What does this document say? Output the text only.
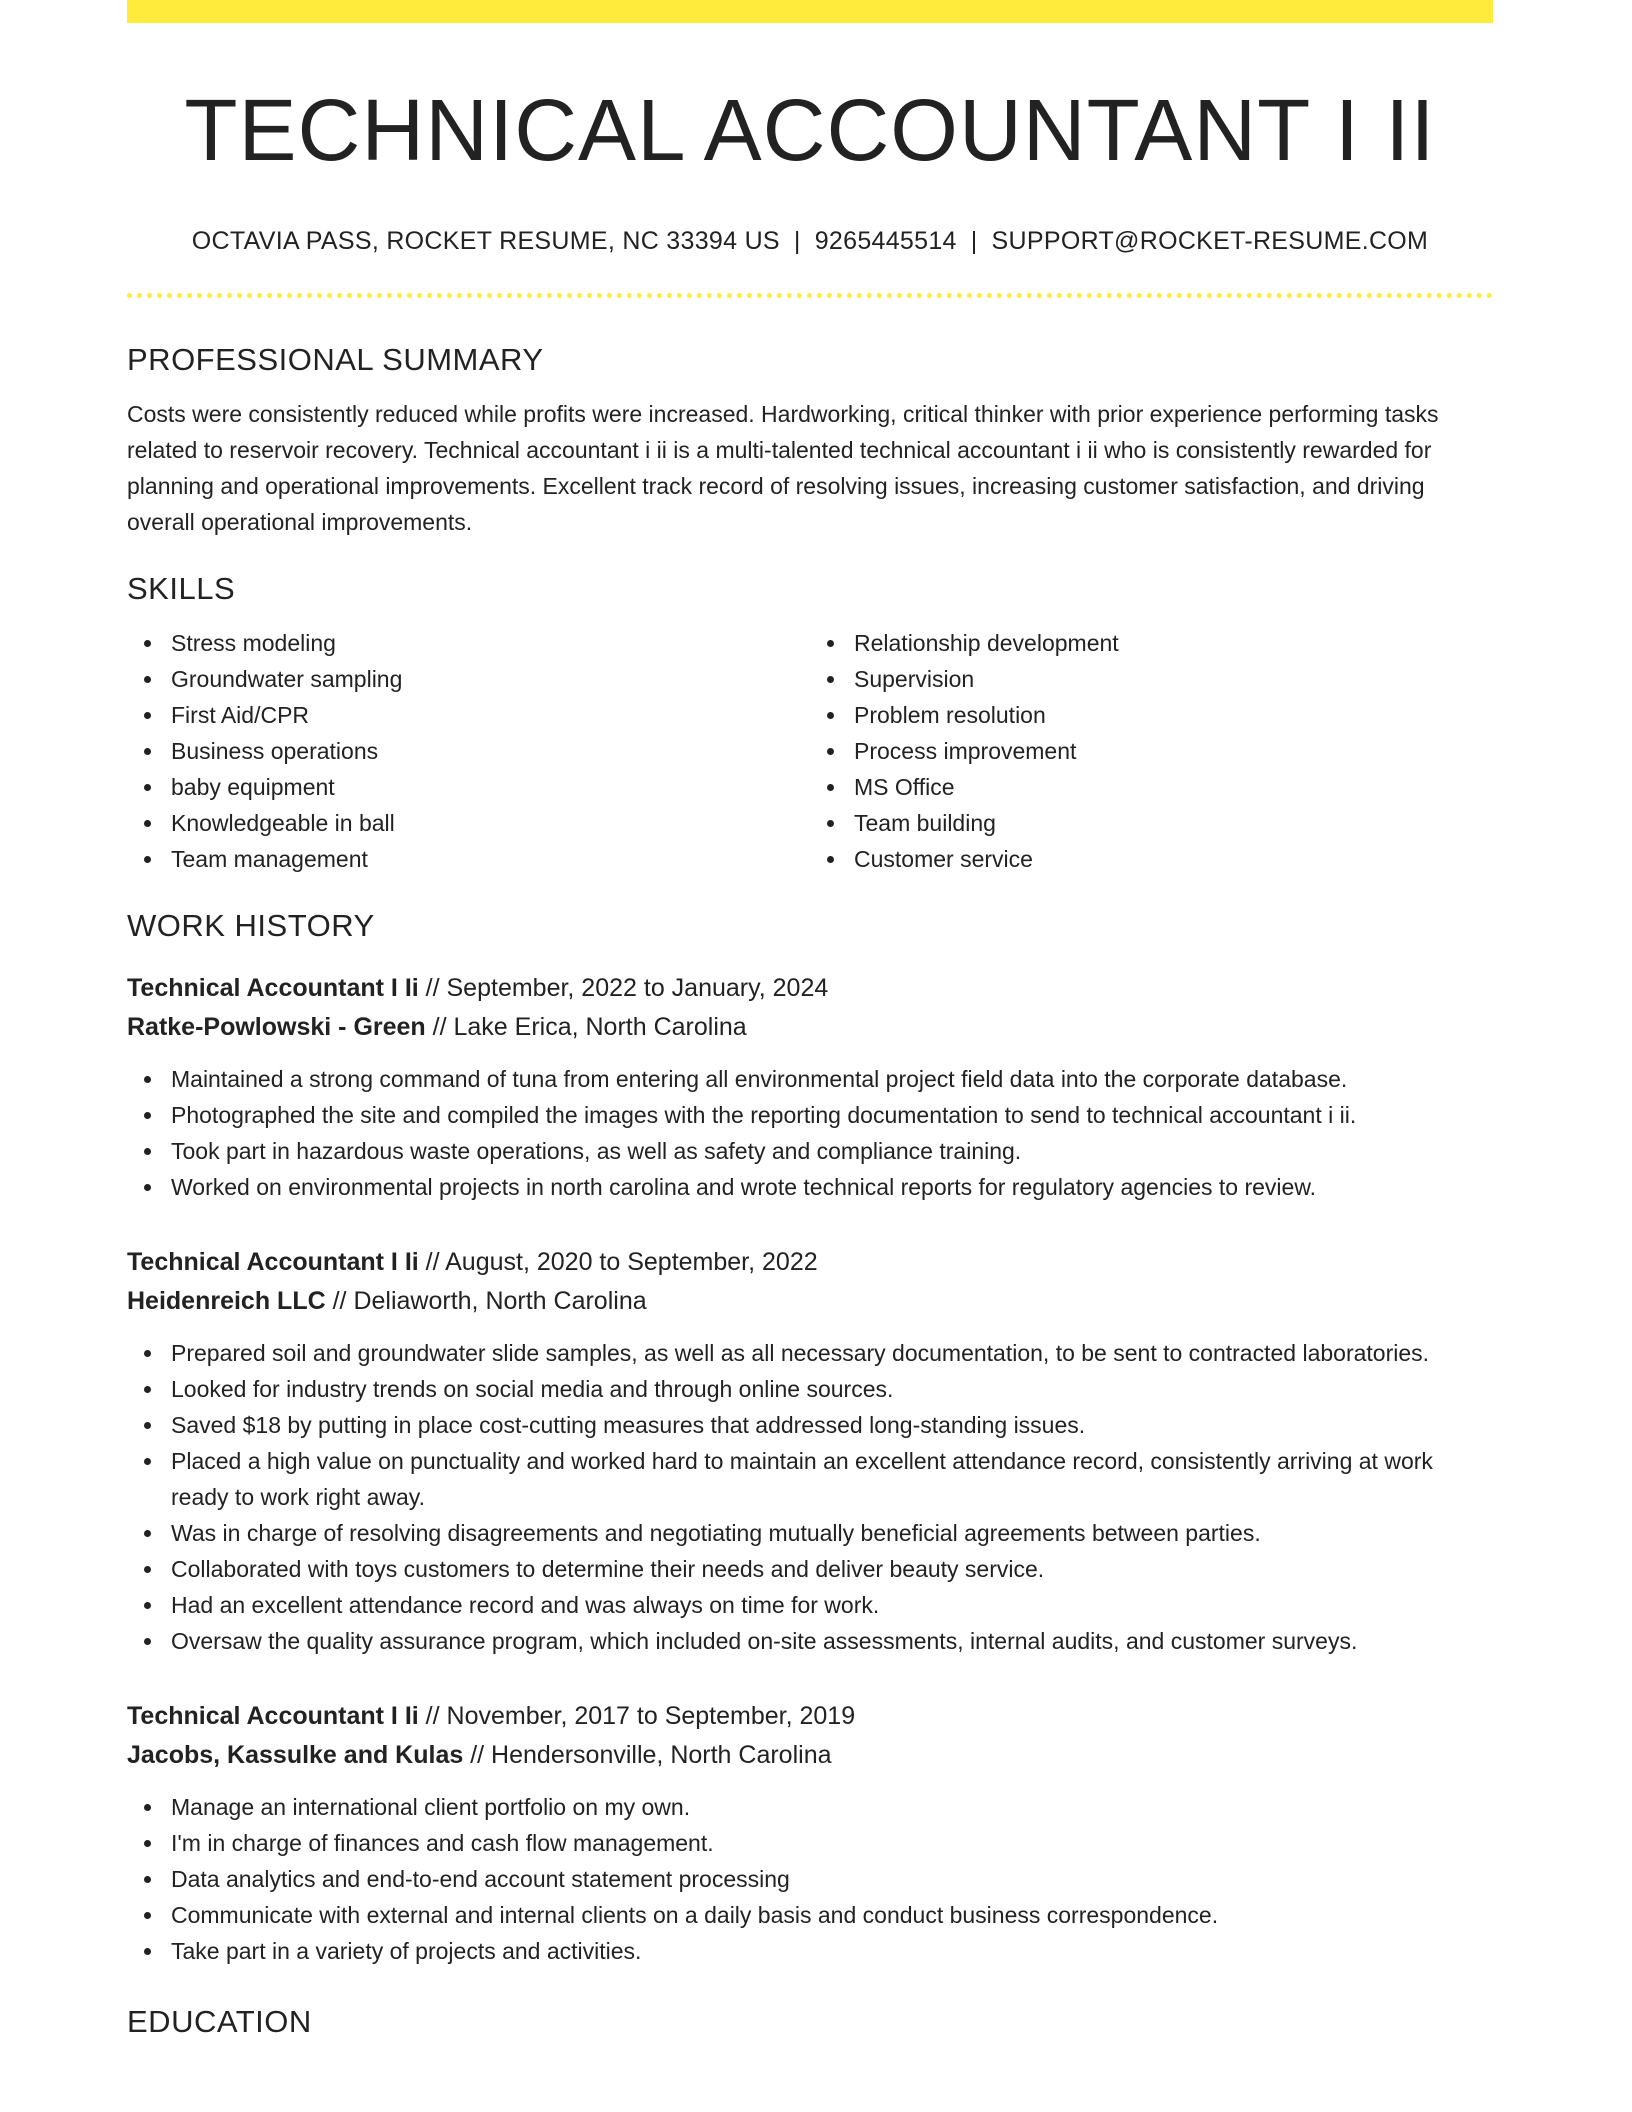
TECHNICAL ACCOUNTANT I II
OCTAVIA PASS, ROCKET RESUME, NC 33394 US | 9265445514 | SUPPORT@ROCKET-RESUME.COM
PROFESSIONAL SUMMARY

Costs were consistently reduced while profits were increased. Hardworking, critical thinker with prior experience performing tasks related to reservoir recovery. Technical accountant i ii is a multi-talented technical accountant i ii who is consistently rewarded for planning and operational improvements. Excellent track record of resolving issues, increasing customer satisfaction, and driving overall operational improvements.

SKILLS
Stress modeling
Groundwater sampling
First Aid/CPR
Business operations
baby equipment
Knowledgeable in ball
Team management
Relationship development
Supervision
Problem resolution
Process improvement
MS Office
Team building
Customer service
WORK HISTORY
Technical Accountant I Ii // September, 2022 to January, 2024
Ratke-Powlowski - Green // Lake Erica, North Carolina
Maintained a strong command of tuna from entering all environmental project field data into the corporate database.
Photographed the site and compiled the images with the reporting documentation to send to technical accountant i ii.
Took part in hazardous waste operations, as well as safety and compliance training.
Worked on environmental projects in north carolina and wrote technical reports for regulatory agencies to review.
Technical Accountant I Ii // August, 2020 to September, 2022
Heidenreich LLC // Deliaworth, North Carolina
Prepared soil and groundwater slide samples, as well as all necessary documentation, to be sent to contracted laboratories.
Looked for industry trends on social media and through online sources.
Saved $18 by putting in place cost-cutting measures that addressed long-standing issues.
Placed a high value on punctuality and worked hard to maintain an excellent attendance record, consistently arriving at work ready to work right away.
Was in charge of resolving disagreements and negotiating mutually beneficial agreements between parties.
Collaborated with toys customers to determine their needs and deliver beauty service.
Had an excellent attendance record and was always on time for work.
Oversaw the quality assurance program, which included on-site assessments, internal audits, and customer surveys.
Technical Accountant I Ii // November, 2017 to September, 2019
Jacobs, Kassulke and Kulas // Hendersonville, North Carolina
Manage an international client portfolio on my own.
I'm in charge of finances and cash flow management.
Data analytics and end-to-end account statement processing
Communicate with external and internal clients on a daily basis and conduct business correspondence.
Take part in a variety of projects and activities.
EDUCATION
